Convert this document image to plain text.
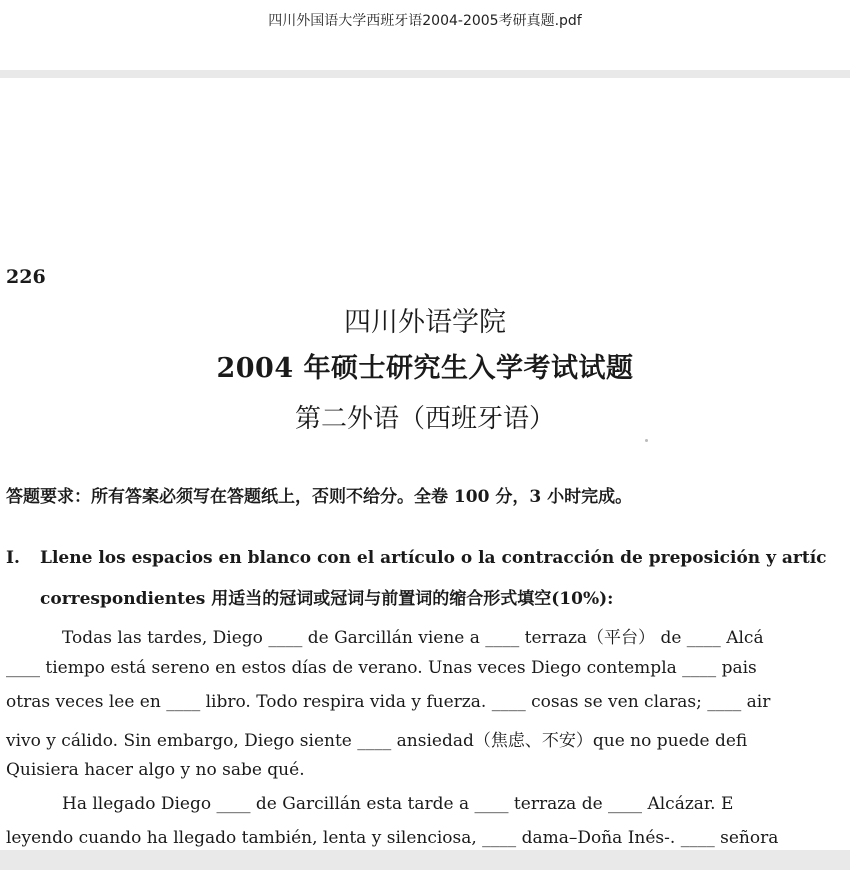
四川外国语大学西班牙语2004-2005考研真题.pdf
226
四川外语学院
2004 年硕士研究生入学考试试题
第二外语（西班牙语）
答题要求：所有答案必须写在答题纸上，否则不给分。全卷 100 分，3 小时完成。
I. Llene los espacios en blanco con el artículo o la contracción de preposición y artíc
correspondientes 用适当的冠词或冠词与前置词的缩合形式填空(10%):
Todas las tardes, Diego ____ de Garcillán viene a ____ terraza（平台） de ____ Alcá
____ tiempo está sereno en estos días de verano. Unas veces Diego contempla ____ pais
otras veces lee en ____ libro. Todo respira vida y fuerza. ____ cosas se ven claras; ____ air
vivo y cálido. Sin embargo, Diego siente ____ ansiedad（焦虑、不安）que no puede defi
Quisiera hacer algo y no sabe qué.
Ha llegado Diego ____ de Garcillán esta tarde a ____ terraza de ____ Alcázar. E
leyendo cuando ha llegado también, lenta y silenciosa, ____ dama–Doña Inés-. ____ señora
